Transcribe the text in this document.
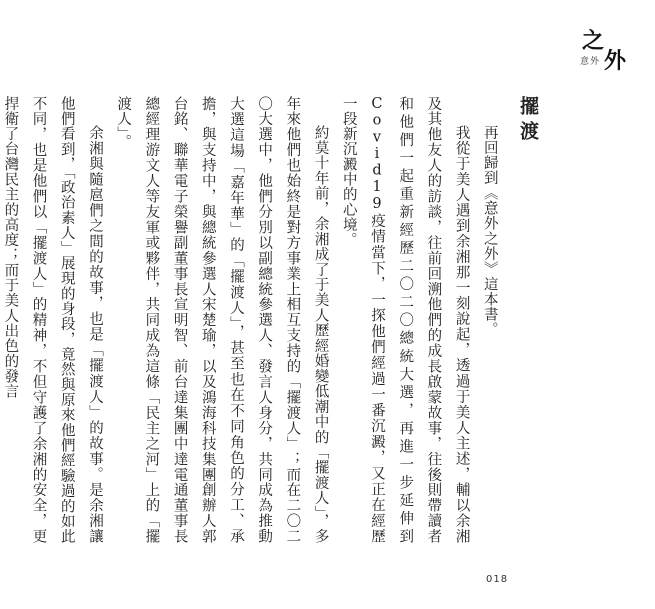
之
意外 外
擺渡

再回歸到《意外之外》這本書。

我從于美人遇到余湘那一刻說起，透過于美人主述，輔以余湘及其他友人的訪談，往前回溯他們的成長啟蒙故事，往後則帶讀者和他們一起重新經歷二〇二〇總統大選，再進一步延伸到Covid19疫情當下，一探他們經過一番沉澱，又正在經歷一段新沉澱中的心境。

約莫十年前，余湘成了于美人歷經婚變低潮中的「擺渡人」，多年來他們也始終是對方事業上相互支持的「擺渡人」；而在二〇二〇大選中，他們分別以副總統參選人、發言人身分，共同成為推動大選這場「嘉年華」的「擺渡人」，甚至也在不同角色的分工、承擔，與支持中，與總統參選人宋楚瑜，以及鴻海科技集團創辦人郭台銘、聯華電子榮譽副董事長宣明智、前台達集團中達電通董事長總經理游文人等友軍或夥伴，共同成為這條「民主之河」上的「擺渡人」。

余湘與隨扈們之間的故事，也是「擺渡人」的故事。是余湘讓他們看到，「政治素人」展現的身段，竟然與原來他們經驗過的如此不同，也是他們以「擺渡人」的精神，不但守護了余湘的安全，更捍衛了台灣民主的高度；而于美人出色的發言

018
